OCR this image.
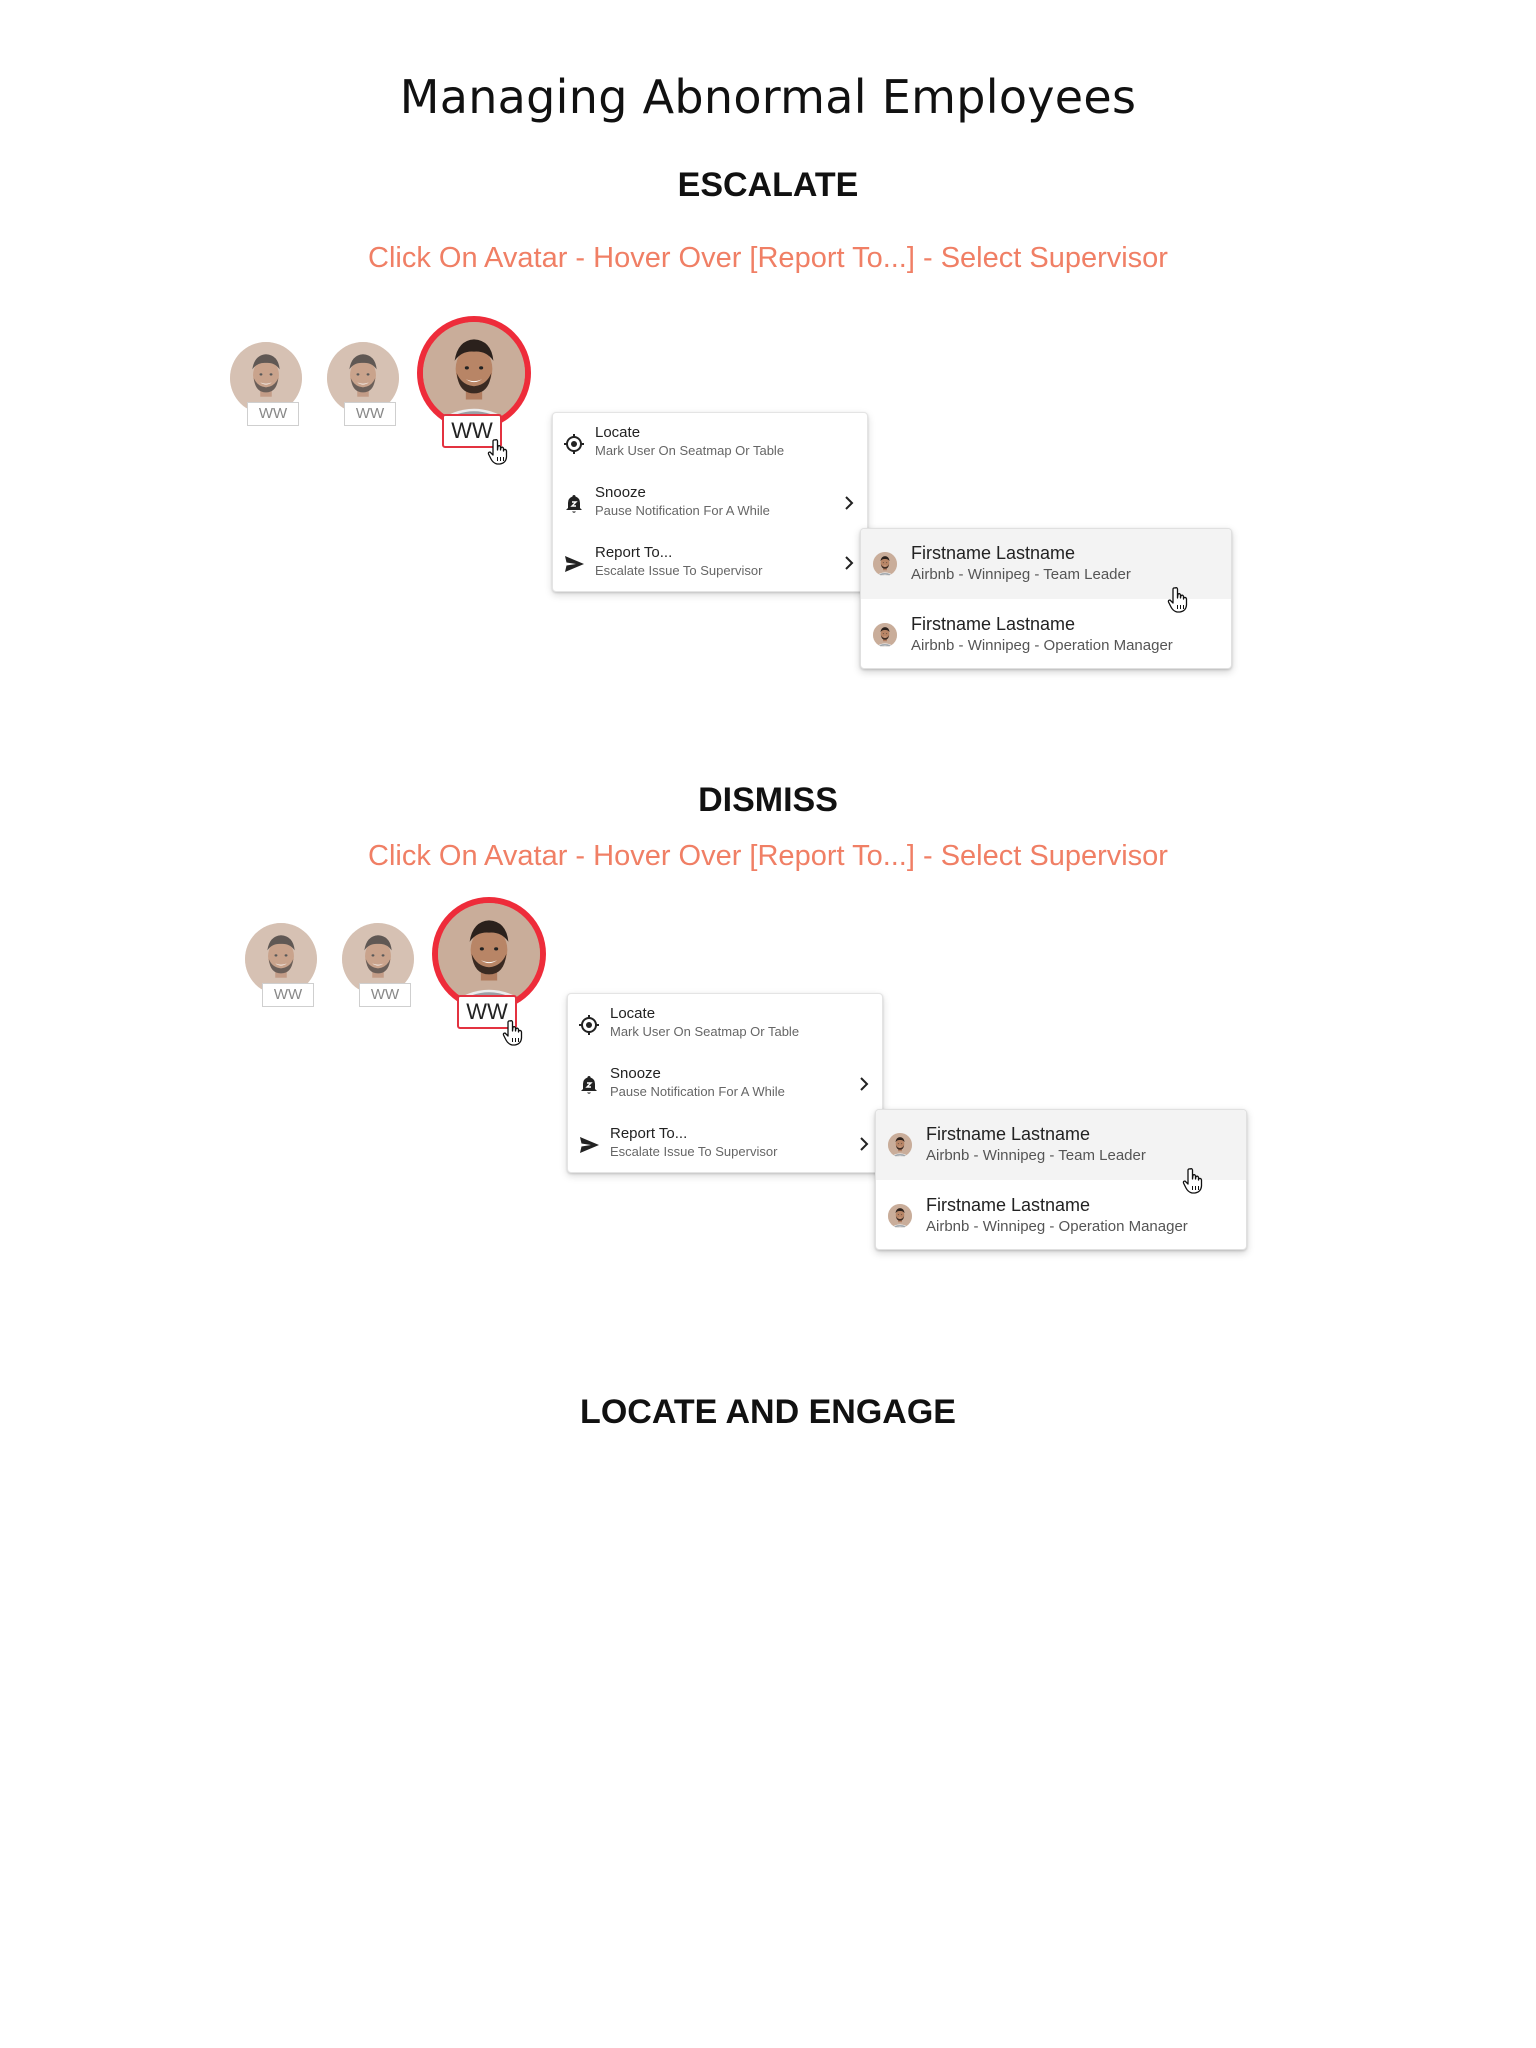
Managing Abnormal Employees
ESCALATE
Click On Avatar - Hover Over [Report To...] - Select Supervisor
WW	WW
WW	Locate
Mark User On Seatmap Or Table
Snooze
Pause Notification For A While
Report To...
Escalate Issue To Supervisor
Firstname Lastname
Airbnb - Winnipeg - Team Leader
Firstname Lastname
Airbnb - Winnipeg - Operation Manager
DISMISS
Click On Avatar - Hover Over [Report To...] - Select Supervisor
WW	WW
WW	Locate
Mark User On Seatmap Or Table
Snooze
Pause Notification For A While
Report To...
Escalate Issue To Supervisor
Firstname Lastname
Airbnb - Winnipeg - Team Leader
Firstname Lastname
Airbnb - Winnipeg - Operation Manager
LOCATE AND ENGAGE
